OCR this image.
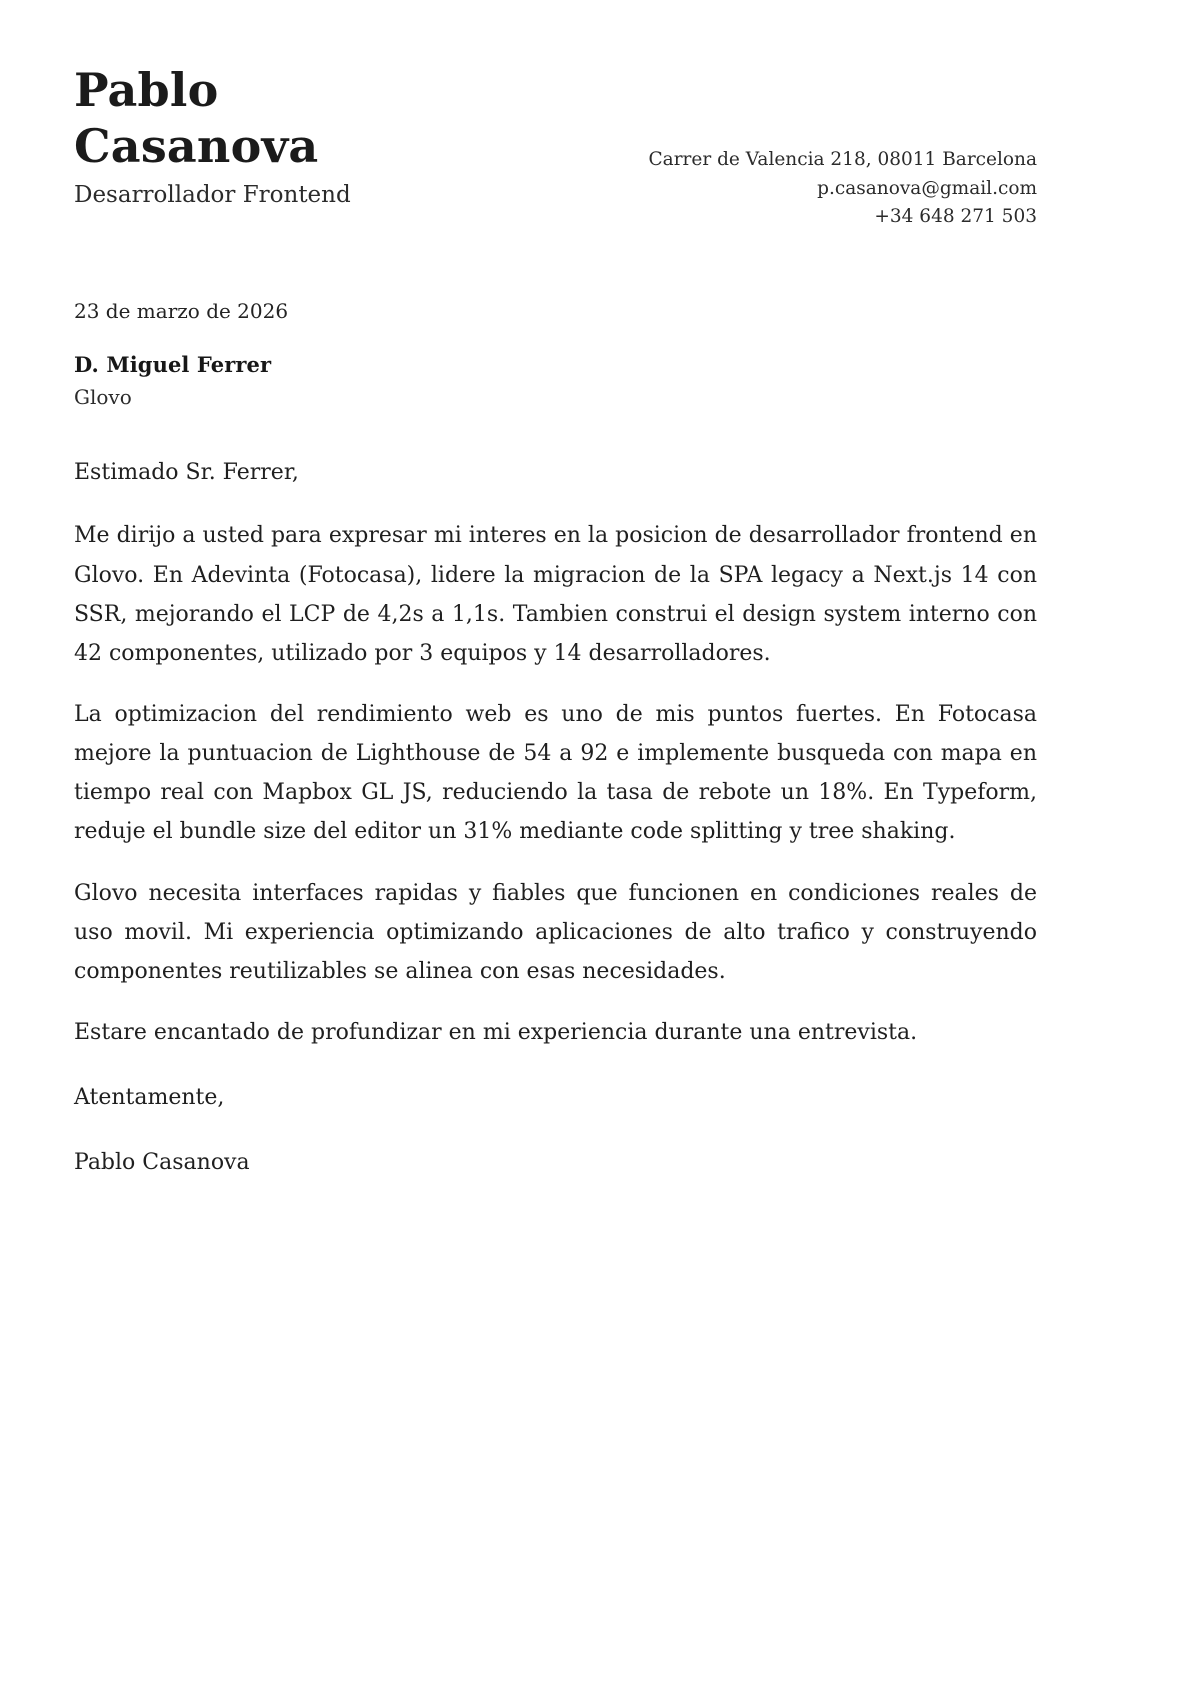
Pablo
Casanova
Desarrollador Frontend
Carrer de Valencia 218, 08011 Barcelona
p.casanova@gmail.com
+34 648 271 503
23 de marzo de 2026
D. Miguel Ferrer
Glovo
Estimado Sr. Ferrer,

Me dirijo a usted para expresar mi interes en la posicion de desarrollador frontend en Glovo. En Adevinta (Fotocasa), lidere la migracion de la SPA legacy a Next.js 14 con SSR, mejorando el LCP de 4,2s a 1,1s. Tambien construi el design system interno con 42 componentes, utilizado por 3 equipos y 14 desarrolladores.

La optimizacion del rendimiento web es uno de mis puntos fuertes. En Fotocasa mejore la puntuacion de Lighthouse de 54 a 92 e implemente busqueda con mapa en tiempo real con Mapbox GL JS, reduciendo la tasa de rebote un 18%. En Typeform, reduje el bundle size del editor un 31% mediante code splitting y tree shaking.

Glovo necesita interfaces rapidas y fiables que funcionen en condiciones reales de uso movil. Mi experiencia optimizando aplicaciones de alto trafico y construyendo componentes reutilizables se alinea con esas necesidades.

Estare encantado de profundizar en mi experiencia durante una entrevista.

Atentamente,
Pablo Casanova
